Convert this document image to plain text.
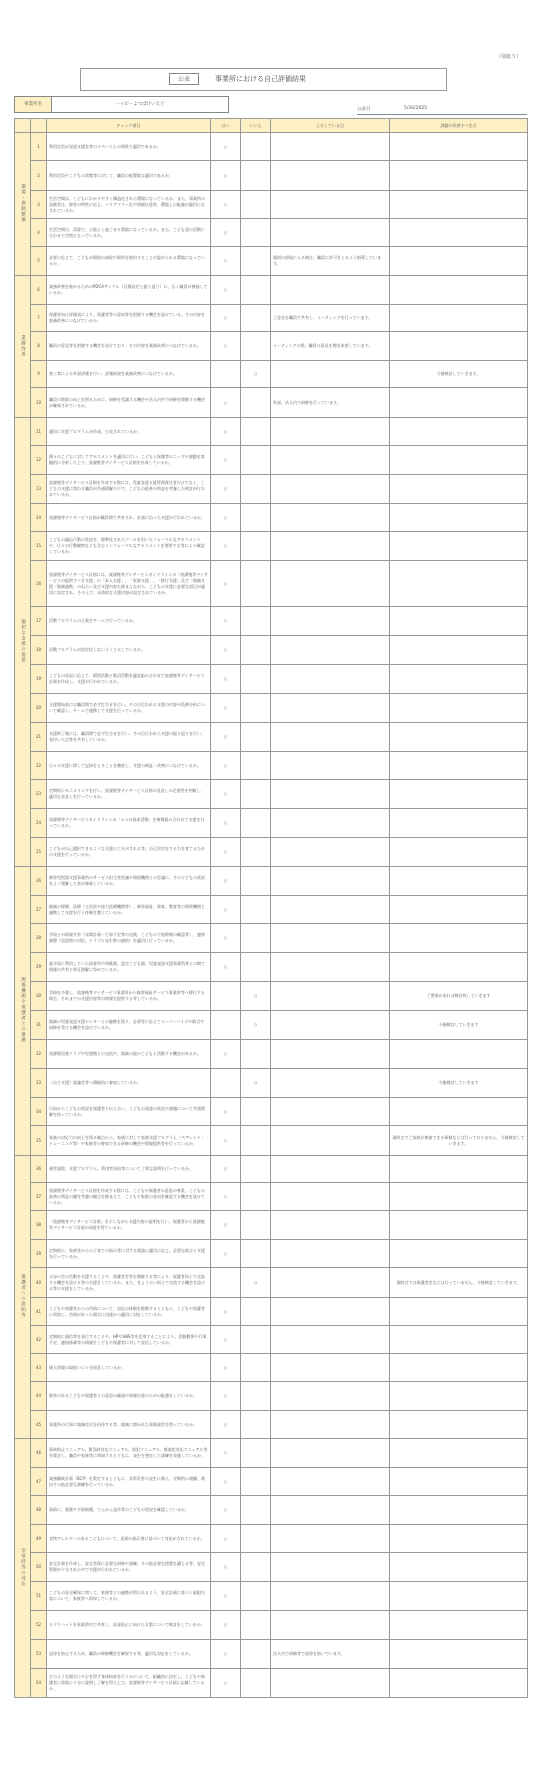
（別紙５）
公表	事業所における自己評価結果
事業所名	ハッピーよつばけいえど
公表日	5/30/2025
		チェック項目	はい	いいえ	工夫している点	課題や改善すべき点
環境・体制整備	1	利用定員が発達支援室等のスペースとの関係で適切であるか。	○			
	2	利用定員やこどもの状態等に対して、職員の配置数は適切であるか。	○			
	3	生活空間は、こどもにわかりやすく構造化された環境になっているか。また、事業所の設備等は、障害の特性に応じ、バリアフリー化や情報伝達等、環境上の配慮が適切になされているか。	○			
	4	生活空間は、清潔で、心地よく過ごせる環境になっているか。また、こども達の活動に合わせた空間となっているか。	○			
	5	必要に応じて、こどもが個別の部屋や場所を使用することが認められる環境になっているか。	○		個別の部屋に入る時は、職員に許可をとるよう指導しています。	
業務改善	6	業務改善を進めるためのPDCAサイクル（目標設定と振り返り）に、広く職員が参画しているか。	○			
	7	保護者向け評価表により、保護者等の意向等を把握する機会を設けている。その内容を業務改善につなげているか。	○		ご意見を職員で共有し、ミーティングを行っています。	
	8	職員の意見等を把握する機会を設けており、その内容を業務改善につなげているか。	○		ミーティングの際、職員の意見を聞き改善しています。	
	9	第三者による外部評価を行い、評価結果を業務改善につなげているか。		○		今後検討していきます。
	10	職員の資質の向上を図るために、研修を受講する機会や法人内外で研修を開催する機会が確保されているか。	○		外部、法人内で研修を行っています。	
適切な支援の提供	11	適切に支援プログラムが作成、公表されているか。	○			
	12	個々のこどもに対してアセスメントを適切に行い、こどもと保護者のニーズや課題を客観的に分析した上で、放課後等デイサービス計画を作成しているか。	○			
	13	放課後等デイサービス計画を作成する際には、児童発達支援管理責任者だけでなく、こどもの支援に関わる職員が共通理解の下で、こどもの最善の利益を考慮した検討が行われているか。	○			
	14	放課後等デイサービス計画が職員間で共有され、計画に沿った支援が行われているか。	○			
	15	こどもの適応行動の状況を、標準化されたツールを用いたフォーマルなアセスメントや、日々の行動観察なども含むインフォーマルなアセスメントを使用する等により確認しているか。	○			
	16	放課後等デイサービス計画には、放課後等デイサービスガイドラインの「放課後等デイサービスの提供すべき支援」の「本人支援」、「家族支援」、「移行支援」及び「地域支援・地域連携」のねらい及び支援内容も踏まえながら、こどもの支援に必要な項目が適切に設定され、その上で、具体的な支援内容が設定されているか。	○			
	17	活動プログラムの立案をチームで行っているか。	○			
	18	活動プログラムが固定化しないよう工夫しているか。	○			
	19	こどもの状況に応じて、個別活動と集団活動を適宜組み合わせて放課後等デイサービス計画を作成し、支援が行われているか。	○			
	20	支援開始前には職員間で必ず打合せを行い、その日行われる支援の内容や役割分担について確認し、チームで連携して支援を行っているか。	○			
	21	支援終了後には、職員間で必ず打合せを行い、その日行われた支援の振り返りを行い、気付いた点等を共有しているか。	○			
	22	日々の支援に関して記録をとることを徹底し、支援の検証・改善につなげているか。	○			
	23	定期的にモニタリングを行い、放課後等デイサービス計画の見直しの必要性を判断し、適切な見直しを行っているか。	○			
	24	放課後等デイサービスガイドラインの「４つの基本活動」を複数組み合わせて支援を行っているか。	○			
	25	こどもが自己選択できるような支援の工夫がされる等、自己決定をする力を育てるための支援を行っているか。	○			
関係機関や保護者との連携	26	障害児相談支援事業所のサービス担当者会議や関係機関との会議に、その子どもの状況をよく理解した者が参画しているか。	○			
	27	地域の保健、医療（主治医や協力医療機関等）、障害福祉、保育、教育等の関係機関と連携して支援を行う体制を整えているか。	○			
	28	学校との情報共有（年間計画・行事予定等の交換、こどもの下校時刻の確認等）、連絡調整（送迎時の対応、トラブル発生時の連絡）を適切に行っているか。	○			
	29	就学前に利用していた保育所や幼稚園、認定こども園、児童発達支援事業所等との間で情報の共有と相互理解に努めているか。	○			
	30	学校を卒業し、放課後等デイサービス事業所から障害福祉サービス事業所等へ移行する場合、それまでの支援内容等の情報を提供する等しているか。		○		ご要望があれば検討致していきます
	31	地域の児童発達支援センターとの連携を図り、必要等に応じてスーパーバイズや助言や研修を受ける機会を設けているか。		○		今後検討していきます
	32	放課後児童クラブや児童館との交流や、地域の他のこどもと活動する機会があるか。	○			
	33	（自立支援）協議会等へ積極的に参加しているか。		○		今後検討していきます
	34	日頃からこどもの状況を保護者と伝え合い、こどもの発達の状況や課題について共通理解を持っているか。	○			
	35	家族の対応力の向上を図る観点から、家族に対して家族支援プログラム（ペアレント・トレーニング等）や家族等の参加できる研修の機会や情報提供等を行っているか。	○			現時点でご家族が参加できる研修などは行っておりません。今後検討していきます。
保護者への説明等	36	運営規程、支援プログラム、利用者負担等について丁寧な説明を行っているか。	○			
	37	放課後等デイサービス計画を作成する際には、こどもや保護者の意思の尊重、こどもの最善の利益の優先考慮の観点を踏まえて、こどもや家族の意向を確認する機会を設けているか。	○			
	38	「放課後等デイサービス計画」を示しながら支援内容の説明を行い、保護者から放課後等デイサービス計画の同意を得ているか。	○			
	39	定期的に、家族等からの子育ての悩み等に対する相談に適切に応じ、必要な助言と支援を行っているか。	○			
	40	父母の会の活動を支援することや、保護者会等を開催する等により、保護者同士で交流する機会を設ける等の支援をしているか。また、きょうだい同士で交流する機会を設ける等の支援をしているか。		○		現時点では保護者会などは行っていません。今後検討していきます。
	41	こどもや保護者からの苦情について、対応の体制を整備するとともに、こどもや保護者に周知し、苦情があった場合に迅速かつ適切に対応しているか。	○			
	42	定期的に通信等を発行することや、HPやSNS等を活用することにより、活動概要や行事予定、連絡体制等の情報をこどもや保護者に対して発信しているか。	○			
	43	個人情報の取扱いに十分留意しているか。	○			
	44	障害のあるこどもや保護者との意思の疎通や情報伝達のための配慮をしているか。	○			
	45	事業所の行事に地域住民を招待する等、地域に開かれた事業運営を図っているか。	○			
非常時等の対応	46	事故防止マニュアル、緊急時対応マニュアル、防犯マニュアル、感染症対応マニュアル等を策定し、職員や家族等に周知するとともに、発生を想定した訓練を実施しているか。	○			
	47	業務継続計画（BCP）を策定するとともに、非常災害の発生に備え、定期的に避難、救出その他必要な訓練を行っているか。	○			
	48	事前に、服薬や予防接種、てんかん発作等のこどもの状況を確認しているか。	○			
	49	食物アレルギーのあるこどもについて、医師の指示書に基づいて対応がされているか。	○			
	50	安全計画を作成し、安全管理に必要な研修や訓練、その他必要な措置を講じる等、安全管理が十分された中で支援が行われているか。	○			
	51	こどもの安全確保に関して、家族等との連携が図られるよう、安全計画に基づく取組内容について、家族等へ周知しているか。	○			
	52	ヒヤリハットを事業所内で共有し、再発防止に向けた方策について検討をしているか。	○			
	53	虐待を防止するため、職員の研修機会を確保する等、適切な対応をしているか。	○		法人内で研修等で虐待を防いでいます。	
	54	どのような場合にやむを得ず身体拘束を行うかについて、組織的に決定し、こどもや保護者に事前に十分に説明し了解を得た上で、放課後等デイサービス計画に記載しているか。	○			
